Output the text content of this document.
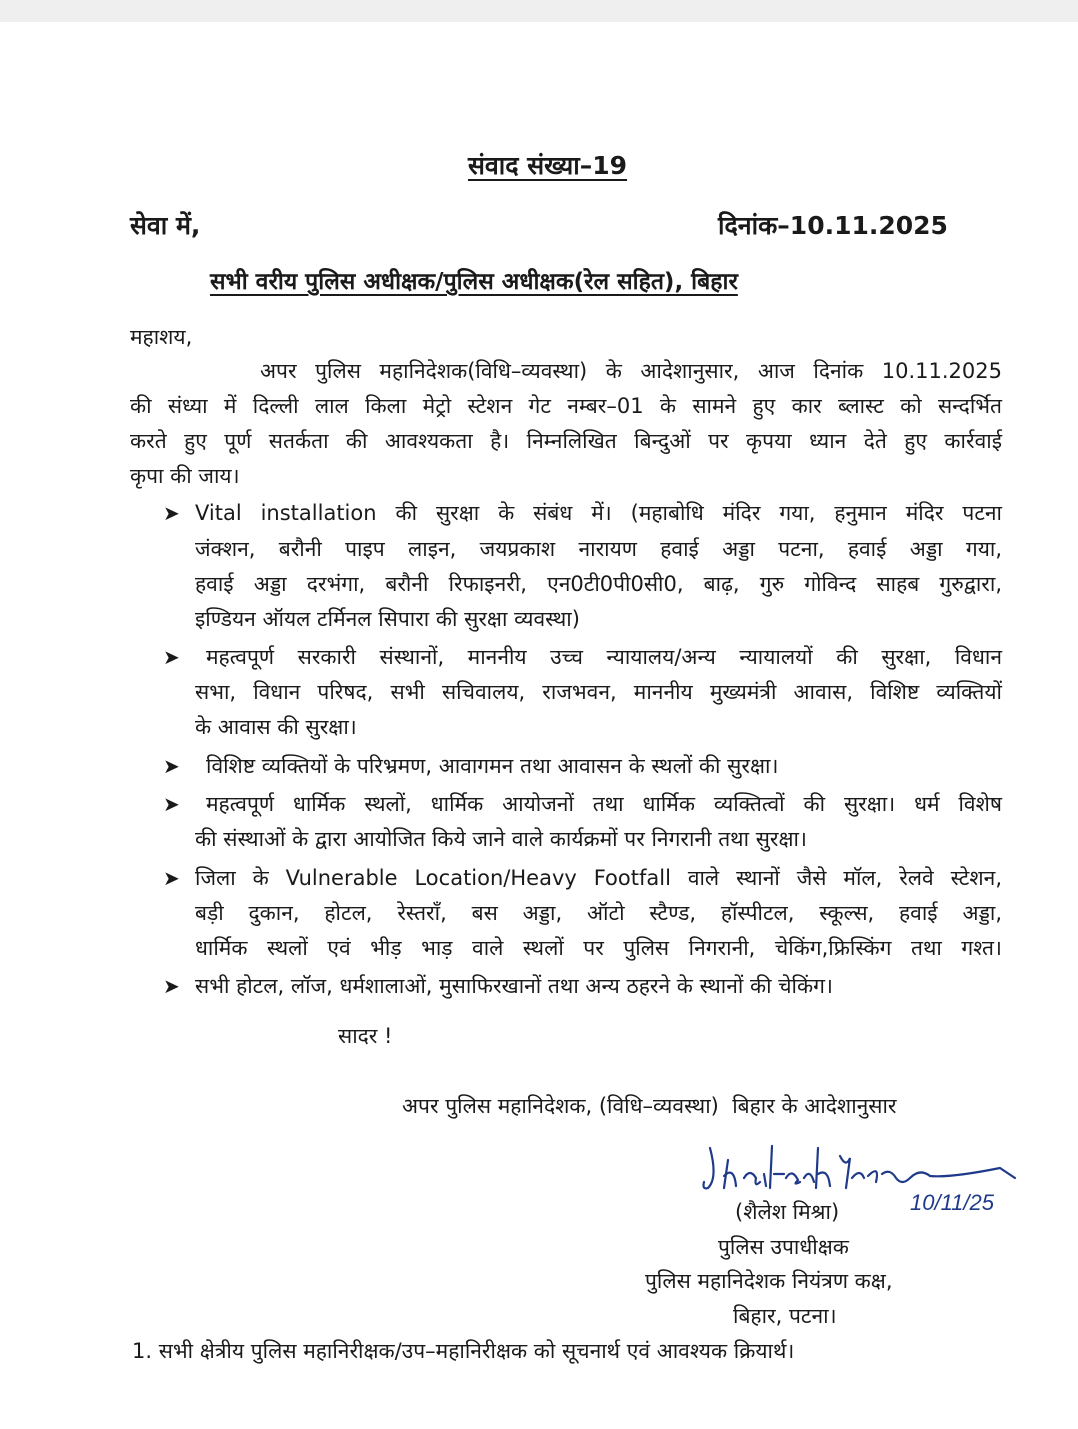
संवाद संख्या–19
सेवा में,	दिनांक–10.11.2025
सभी वरीय पुलिस अधीक्षक/पुलिस अधीक्षक(रेल सहित), बिहार
महाशय,
अपर पुलिस महानिदेशक(विधि–व्यवस्था) के आदेशानुसार, आज दिनांक 10.11.2025
की संध्या में दिल्ली लाल किला मेट्रो स्टेशन गेट नम्बर–01 के सामने हुए कार ब्लास्ट को सन्दर्भित
करते हुए पूर्ण सतर्कता की आवश्यकता है। निम्नलिखित बिन्दुओं पर कृपया ध्यान देते हुए कार्रवाई
कृपा की जाय।
➤ Vital installation की सुरक्षा के संबंध में। (महाबोधि मंदिर गया, हनुमान मंदिर पटना
जंक्शन, बरौनी पाइप लाइन, जयप्रकाश नारायण हवाई अड्डा पटना, हवाई अड्डा गया,
हवाई अड्डा दरभंगा, बरौनी रिफाइनरी, एन0टी0पी0सी0, बाढ़, गुरु गोविन्द साहब गुरुद्वारा,
इण्डियन ऑयल टर्मिनल सिपारा की सुरक्षा व्यवस्था)
➤ महत्वपूर्ण सरकारी संस्थानों, माननीय उच्च न्यायालय/अन्य न्यायालयों की सुरक्षा, विधान
सभा, विधान परिषद, सभी सचिवालय, राजभवन, माननीय मुख्यमंत्री आवास, विशिष्ट व्यक्तियों
के आवास की सुरक्षा।
➤ विशिष्ट व्यक्तियों के परिभ्रमण, आवागमन तथा आवासन के स्थलों की सुरक्षा।
➤ महत्वपूर्ण धार्मिक स्थलों, धार्मिक आयोजनों तथा धार्मिक व्यक्तित्वों की सुरक्षा। धर्म विशेष
की संस्थाओं के द्वारा आयोजित किये जाने वाले कार्यक्रमों पर निगरानी तथा सुरक्षा।
➤ जिला के Vulnerable Location/Heavy Footfall वाले स्थानों जैसे मॉल, रेलवे स्टेशन,
बड़ी दुकान, होटल, रेस्तराँ, बस अड्डा, ऑटो स्टैण्ड, हॉस्पीटल, स्कूल्स, हवाई अड्डा,
धार्मिक स्थलों एवं भीड़ भाड़ वाले स्थलों पर पुलिस निगरानी, चेकिंग,फ्रिस्किंग तथा गश्त।
➤ सभी होटल, लॉज, धर्मशालाओं, मुसाफिरखानों तथा अन्य ठहरने के स्थानों की चेकिंग।
सादर !
अपर पुलिस महानिदेशक, (विधि–व्यवस्था)  बिहार के आदेशानुसार
10/11/25
(शैलेश मिश्रा)
पुलिस उपाधीक्षक
पुलिस महानिदेशक नियंत्रण कक्ष,
बिहार, पटना।
1. सभी क्षेत्रीय पुलिस महानिरीक्षक/उप–महानिरीक्षक को सूचनार्थ एवं आवश्यक क्रियार्थ।
